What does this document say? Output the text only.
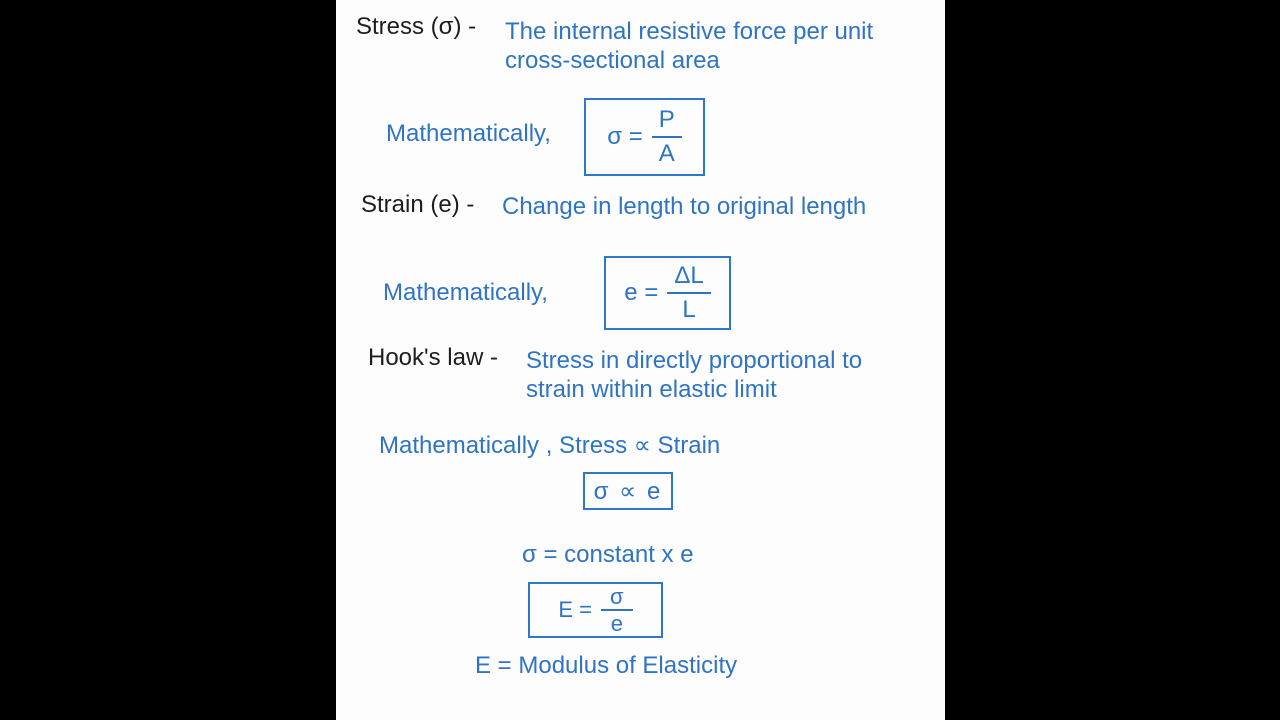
Stress (σ) - The internal resistive force per unit cross-sectional area
Mathematically, $\sigma = \frac{P}{A}$
Strain (e) - Change in length to original length
Mathematically,	$e = \frac{\Delta L}{L}$
Hook's law - Stress in directly proportional to strain within elastic limit
Mathematically , Stress ∝ Strain
σ ∝ e
σ = constant x e
$E = \frac{\sigma}{e}$
E = Modulus of Elasticity
